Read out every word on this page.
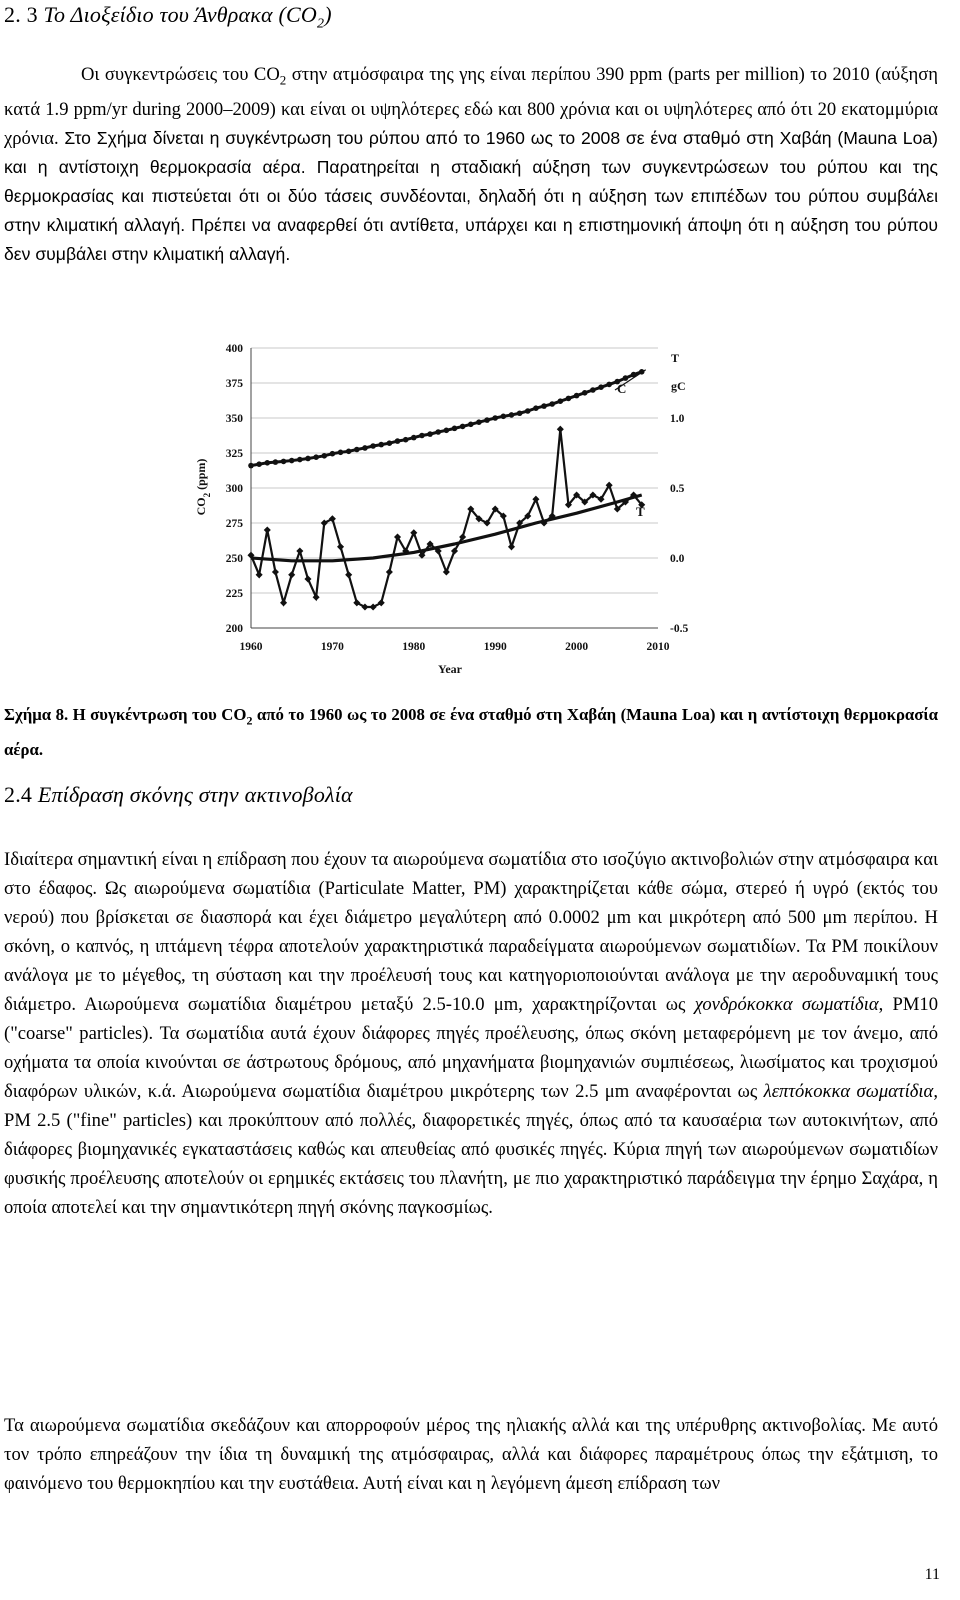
2. 3 Το Διοξείδιο του Άνθρακα $(CO_2)$
Οι συγκεντρώσεις του $CO_2$ στην ατμόσφαιρα της γης είναι περίπου 390 ppm (parts per million) το 2010 (αύξηση κατά 1.9 ppm/yr during 2000–2009) και είναι οι υψηλότερες εδώ και 800 χρόνια και οι υψηλότερες από ότι 20 εκατομμύρια χρόνια. Στο Σχήμα δίνεται η συγκέντρωση του ρύπου από το 1960 ως το 2008 σε ένα σταθμό στη Χαβάη (Mauna Loa) και η αντίστοιχη θερμοκρασία αέρα. Παρατηρείται η σταδιακή αύξηση των συγκεντρώσεων του ρύπου και της θερμοκρασίας και πιστεύεται ότι οι δύο τάσεις συνδέονται, δηλαδή ότι η αύξηση των επιπέδων του ρύπου συμβάλει στην κλιματική αλλαγή. Πρέπει να αναφερθεί ότι αντίθετα, υπάρχει και η επιστημονική άποψη ότι η αύξηση του ρύπου δεν συμβάλει στην κλιματική αλλαγή.
400
375
350
325
300
275
250
225
200
1960	1970	1980	1990	2000	2010
1.0
0.5
0.0
-0.5
Year
$CO_2$ (ppm)
T
gC
C
T
Σχήμα 8. Η συγκέντρωση του $CO_2$ από το 1960 ως το 2008 σε ένα σταθμό στη Χαβάη (Mauna Loa) και η αντίστοιχη θερμοκρασία αέρα.
2.4 Επίδραση σκόνης στην ακτινοβολία
Ιδιαίτερα σημαντική είναι η επίδραση που έχουν τα αιωρούμενα σωματίδια στο ισοζύγιο ακτινοβολιών στην ατμόσφαιρα και στο έδαφος. Ως αιωρούμενα σωματίδια (Particulate Matter, PM) χαρακτηρίζεται κάθε σώμα, στερεό ή υγρό (εκτός του νερού) που βρίσκεται σε διασπορά και έχει διάμετρο μεγαλύτερη από 0.0002 μm και μικρότερη από 500 μm περίπου. Η σκόνη, ο καπνός, η ιπτάμενη τέφρα αποτελούν χαρακτηριστικά παραδείγματα αιωρούμενων σωματιδίων. Τα PM ποικίλουν ανάλογα με το μέγεθος, τη σύσταση και την προέλευσή τους και κατηγοριοποιούνται ανάλογα με την αεροδυναμική τους διάμετρο. Αιωρούμενα σωματίδια διαμέτρου μεταξύ 2.5-10.0 μm, χαρακτηρίζονται ως χονδρόκοκκα σωματίδια, PM10 ("coarse" particles). Τα σωματίδια αυτά έχουν διάφορες πηγές προέλευσης, όπως σκόνη μεταφερόμενη με τον άνεμο, από οχήματα τα οποία κινούνται σε άστρωτους δρόμους, από μηχανήματα βιομηχανιών συμπιέσεως, λιωσίματος και τροχισμού διαφόρων υλικών, κ.ά. Αιωρούμενα σωματίδια διαμέτρου μικρότερης των 2.5 μm αναφέρονται ως λεπτόκοκκα σωματίδια, PM 2.5 ("fine" particles) και προκύπτουν από πολλές, διαφορετικές πηγές, όπως από τα καυσαέρια των αυτοκινήτων, από διάφορες βιομηχανικές εγκαταστάσεις καθώς και απευθείας από φυσικές πηγές. Κύρια πηγή των αιωρούμενων σωματιδίων φυσικής προέλευσης αποτελούν οι ερημικές εκτάσεις του πλανήτη, με πιο χαρακτηριστικό παράδειγμα την έρημο Σαχάρα, η οποία αποτελεί και την σημαντικότερη πηγή σκόνης παγκοσμίως.
Τα αιωρούμενα σωματίδια σκεδάζουν και απορροφούν μέρος της ηλιακής αλλά και της υπέρυθρης ακτινοβολίας. Με αυτό τον τρόπο επηρεάζουν την ίδια τη δυναμική της ατμόσφαιρας, αλλά και διάφορες παραμέτρους όπως την εξάτμιση, το φαινόμενο του θερμοκηπίου και την ευστάθεια. Αυτή είναι και η λεγόμενη άμεση επίδραση των
11
